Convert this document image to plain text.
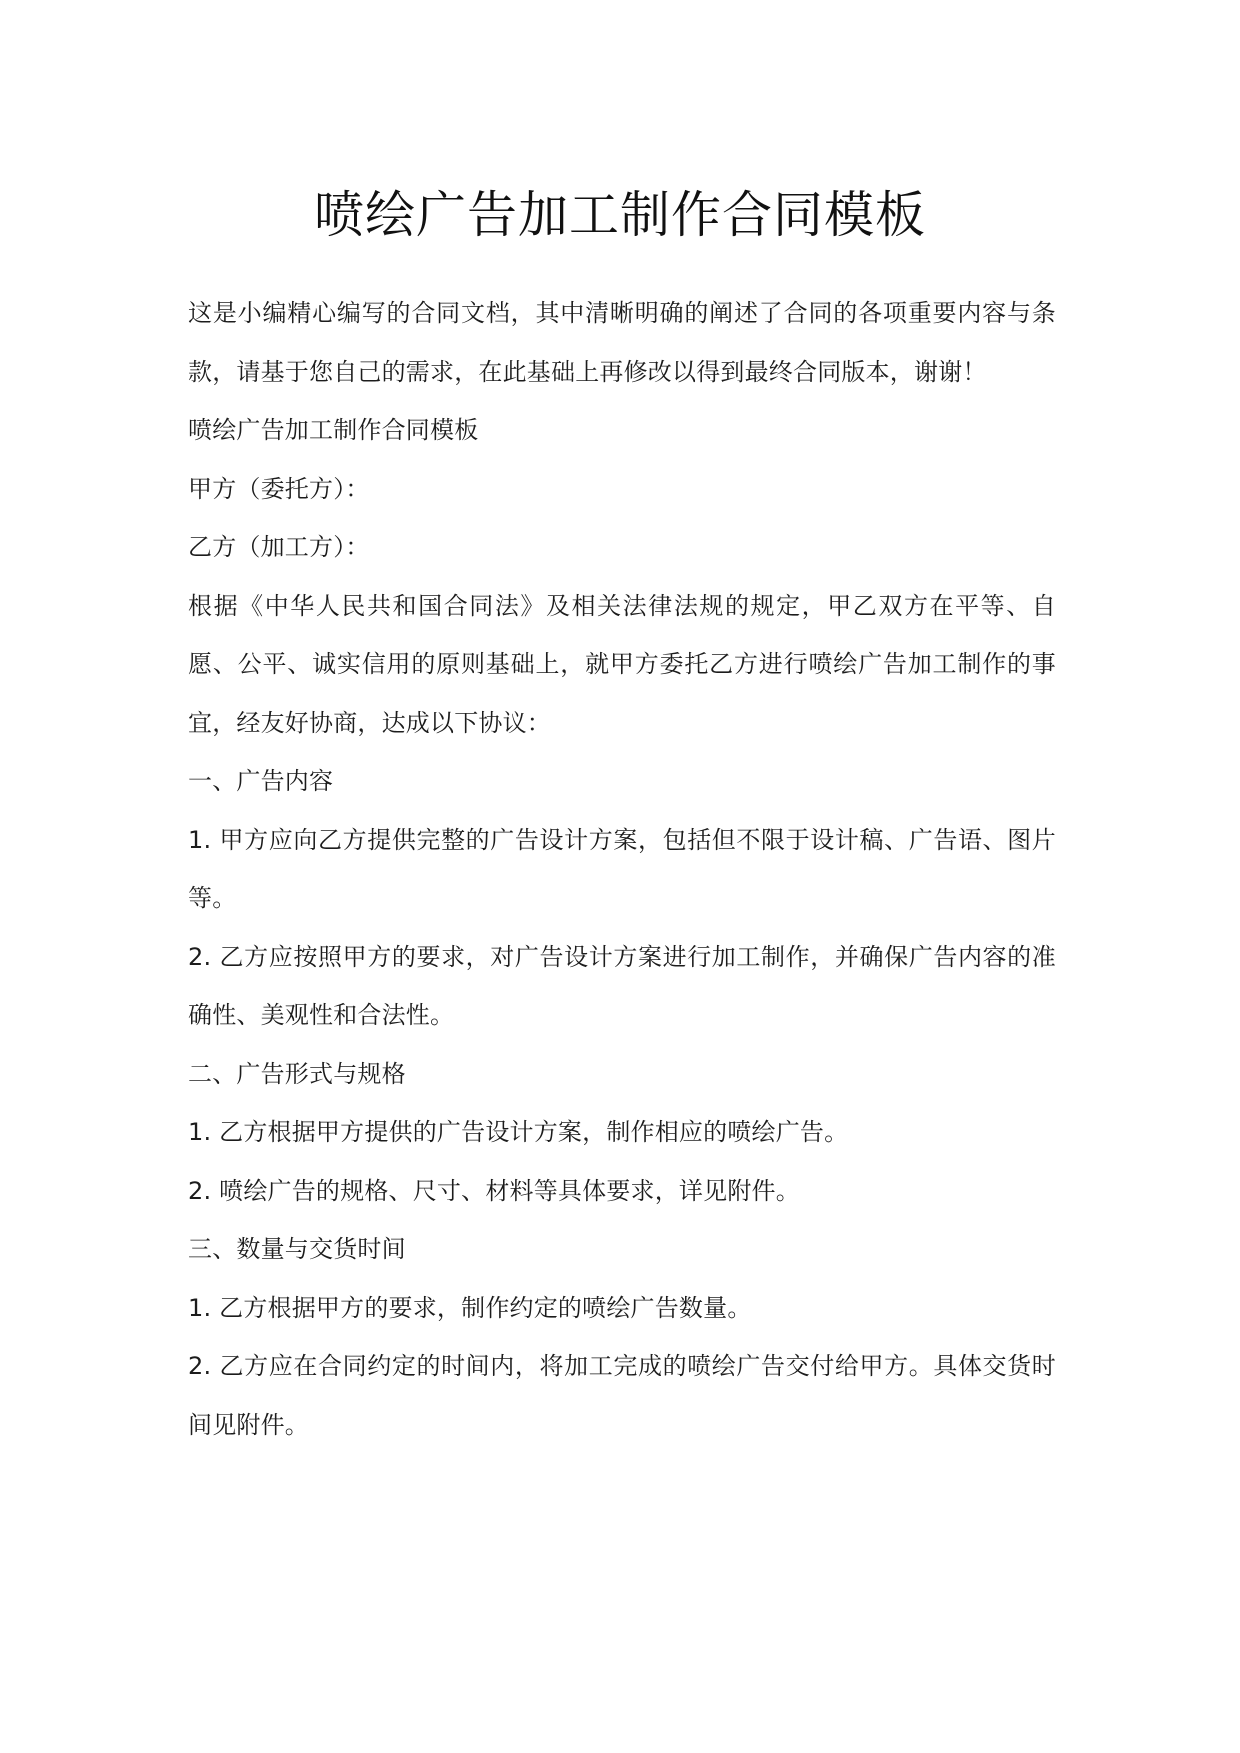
喷绘广告加工制作合同模板

这是小编精心编写的合同文档，其中清晰明确的阐述了合同的各项重要内容与条款，请基于您自己的需求，在此基础上再修改以得到最终合同版本，谢谢！

喷绘广告加工制作合同模板

甲方（委托方）：

乙方（加工方）：

根据《中华人民共和国合同法》及相关法律法规的规定，甲乙双方在平等、自愿、公平、诚实信用的原则基础上，就甲方委托乙方进行喷绘广告加工制作的事宜，经友好协商，达成以下协议：

一、广告内容

1. 甲方应向乙方提供完整的广告设计方案，包括但不限于设计稿、广告语、图片等。

2. 乙方应按照甲方的要求，对广告设计方案进行加工制作，并确保广告内容的准确性、美观性和合法性。

二、广告形式与规格

1. 乙方根据甲方提供的广告设计方案，制作相应的喷绘广告。

2. 喷绘广告的规格、尺寸、材料等具体要求，详见附件。

三、数量与交货时间

1. 乙方根据甲方的要求，制作约定的喷绘广告数量。

2. 乙方应在合同约定的时间内，将加工完成的喷绘广告交付给甲方。具体交货时间见附件。
